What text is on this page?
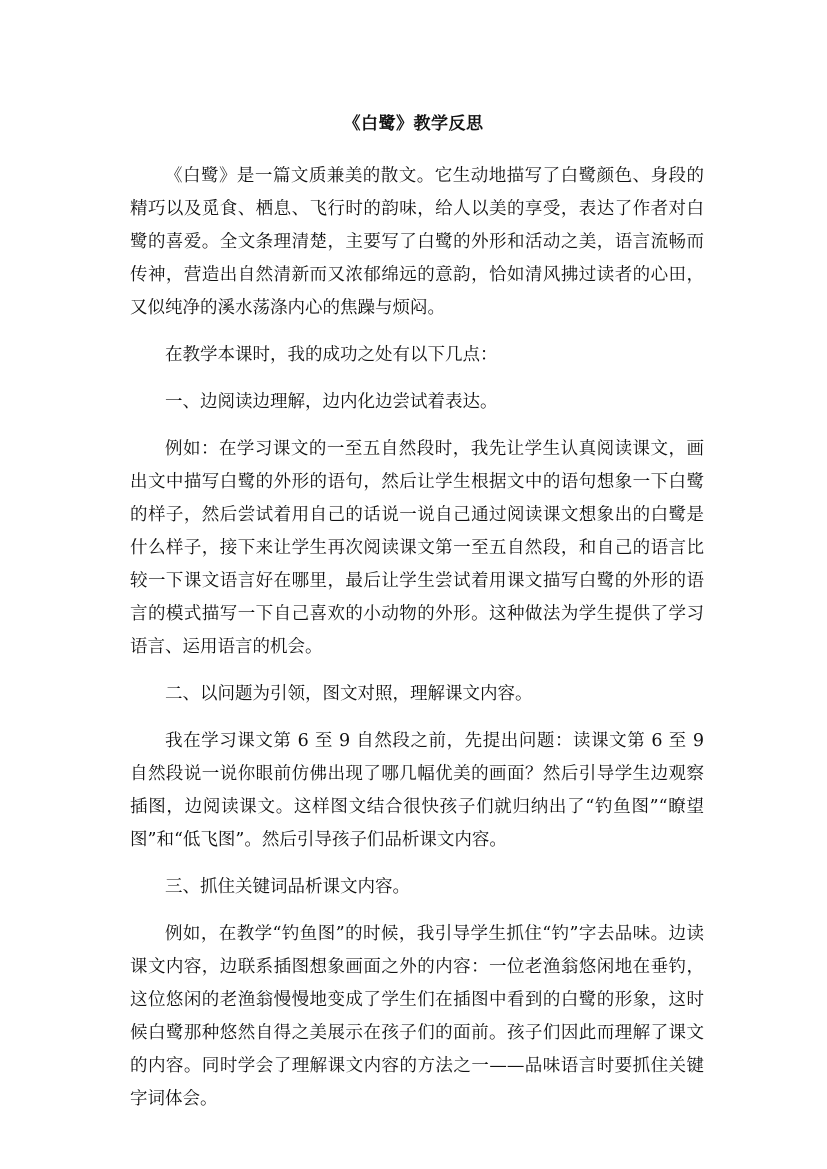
《白鹭》教学反思

《白鹭》是一篇文质兼美的散文。它生动地描写了白鹭颜色、身段的精巧以及觅食、栖息、飞行时的韵味，给人以美的享受，表达了作者对白鹭的喜爱。全文条理清楚，主要写了白鹭的外形和活动之美，语言流畅而传神，营造出自然清新而又浓郁绵远的意韵，恰如清风拂过读者的心田，又似纯净的溪水荡涤内心的焦躁与烦闷。

在教学本课时，我的成功之处有以下几点：

一、边阅读边理解，边内化边尝试着表达。

例如：在学习课文的一至五自然段时，我先让学生认真阅读课文，画出文中描写白鹭的外形的语句，然后让学生根据文中的语句想象一下白鹭的样子，然后尝试着用自己的话说一说自己通过阅读课文想象出的白鹭是什么样子，接下来让学生再次阅读课文第一至五自然段，和自己的语言比较一下课文语言好在哪里，最后让学生尝试着用课文描写白鹭的外形的语言的模式描写一下自己喜欢的小动物的外形。这种做法为学生提供了学习语言、运用语言的机会。

二、以问题为引领，图文对照，理解课文内容。

我在学习课文第 6 至 9 自然段之前，先提出问题：读课文第 6 至 9 自然段说一说你眼前仿佛出现了哪几幅优美的画面？然后引导学生边观察插图，边阅读课文。这样图文结合很快孩子们就归纳出了“钓鱼图”“瞭望图”和“低飞图”。然后引导孩子们品析课文内容。

三、抓住关键词品析课文内容。

例如，在教学“钓鱼图”的时候，我引导学生抓住“钓”字去品味。边读课文内容，边联系插图想象画面之外的内容：一位老渔翁悠闲地在垂钓，这位悠闲的老渔翁慢慢地变成了学生们在插图中看到的白鹭的形象，这时候白鹭那种悠然自得之美展示在孩子们的面前。孩子们因此而理解了课文的内容。同时学会了理解课文内容的方法之一——品味语言时要抓住关键字词体会。
